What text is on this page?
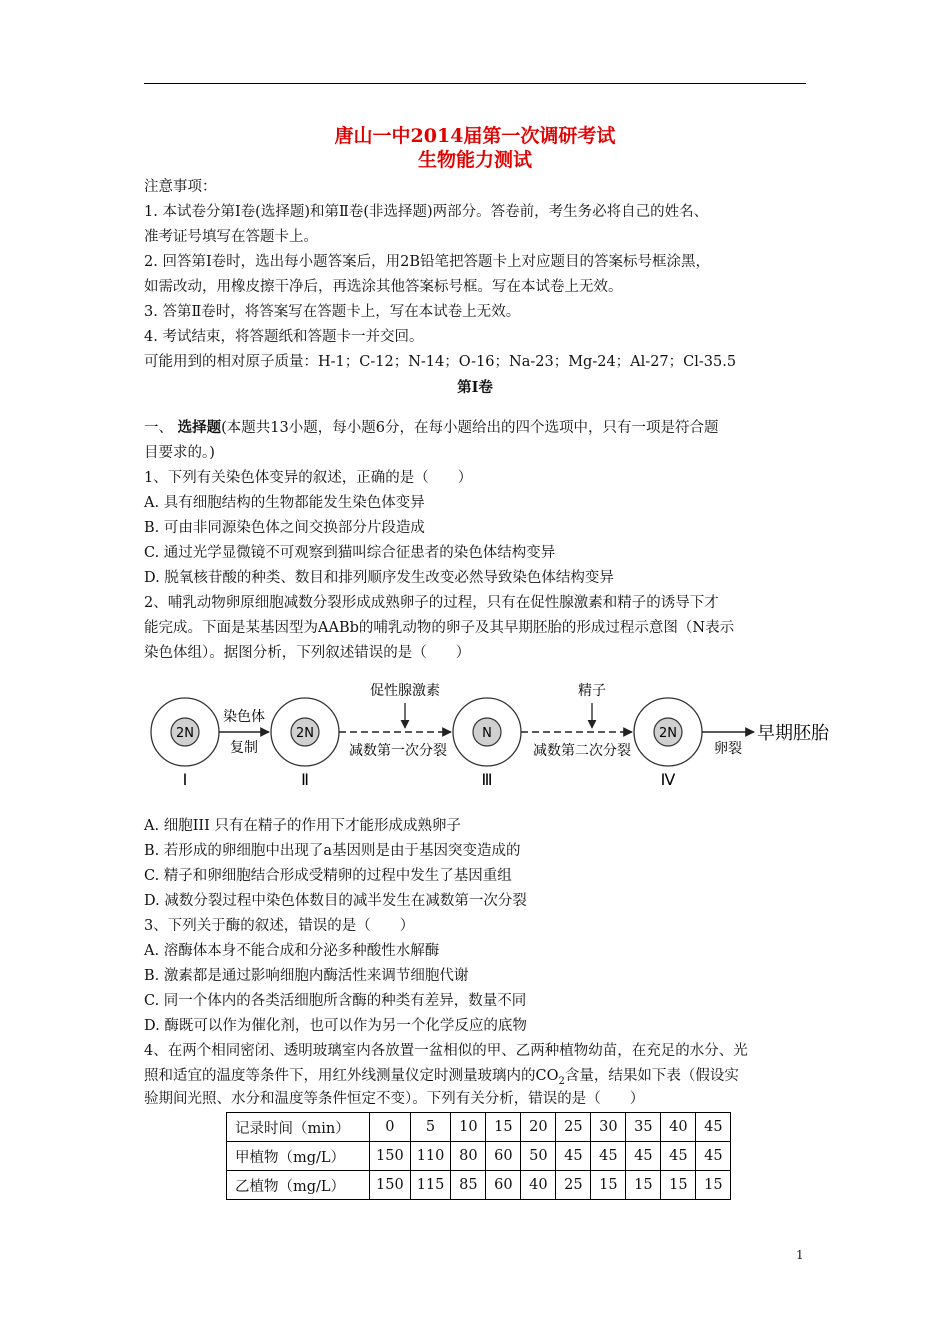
唐山一中2014届第一次调研考试
生物能力测试
注意事项：
1. 本试卷分第Ⅰ卷(选择题)和第Ⅱ卷(非选择题)两部分。答卷前，考生务必将自己的姓名、
准考证号填写在答题卡上。
2. 回答第Ⅰ卷时，选出每小题答案后，用2B铅笔把答题卡上对应题目的答案标号框涂黑，
如需改动，用橡皮擦干净后，再选涂其他答案标号框。写在本试卷上无效。
3. 答第Ⅱ卷时，将答案写在答题卡上，写在本试卷上无效。
4. 考试结束，将答题纸和答题卡一并交回。
可能用到的相对原子质量：H-1；C-12；N-14；O-16；Na-23；Mg-24；Al-27；Cl-35.5
第Ⅰ卷
一、 选择题(本题共13小题，每小题6分，在每小题给出的四个选项中，只有一项是符合题
目要求的。)
1、下列有关染色体变异的叙述，正确的是（　　）
A. 具有细胞结构的生物都能发生染色体变异
B. 可由非同源染色体之间交换部分片段造成
C. 通过光学显微镜不可观察到猫叫综合征患者的染色体结构变异
D. 脱氧核苷酸的种类、数目和排列顺序发生改变必然导致染色体结构变异
2、哺乳动物卵原细胞减数分裂形成成熟卵子的过程，只有在促性腺激素和精子的诱导下才
能完成。下面是某基因型为AABb的哺乳动物的卵子及其早期胚胎的形成过程示意图（N表示
染色体组）。据图分析，下列叙述错误的是（　　）
2N
Ⅰ
2N
Ⅱ
N
Ⅲ
2N
Ⅳ
染色体
复制
促性腺激素
减数第一次分裂
精子
减数第二次分裂	卵裂
早期胚胎
A. 细胞III 只有在精子的作用下才能形成成熟卵子
B. 若形成的卵细胞中出现了a基因则是由于基因突变造成的
C. 精子和卵细胞结合形成受精卵的过程中发生了基因重组
D. 减数分裂过程中染色体数目的减半发生在减数第一次分裂
3、下列关于酶的叙述，错误的是（　　）
A. 溶酶体本身不能合成和分泌多种酸性水解酶
B. 激素都是通过影响细胞内酶活性来调节细胞代谢
C. 同一个体内的各类活细胞所含酶的种类有差异，数量不同
D. 酶既可以作为催化剂，也可以作为另一个化学反应的底物
4、在两个相同密闭、透明玻璃室内各放置一盆相似的甲、乙两种植物幼苗，在充足的水分、光
照和适宜的温度等条件下，用红外线测量仪定时测量玻璃内的$CO_2$含量，结果如下表（假设实
验期间光照、水分和温度等条件恒定不变）。下列有关分析，错误的是（　　）
记录时间（min）	0	5	10	15	20	25	30	35	40	45
甲植物（mg/L）	150	110	80	60	50	45	45	45	45	45
乙植物（mg/L）	150	115	85	60	40	25	15	15	15	15
1
